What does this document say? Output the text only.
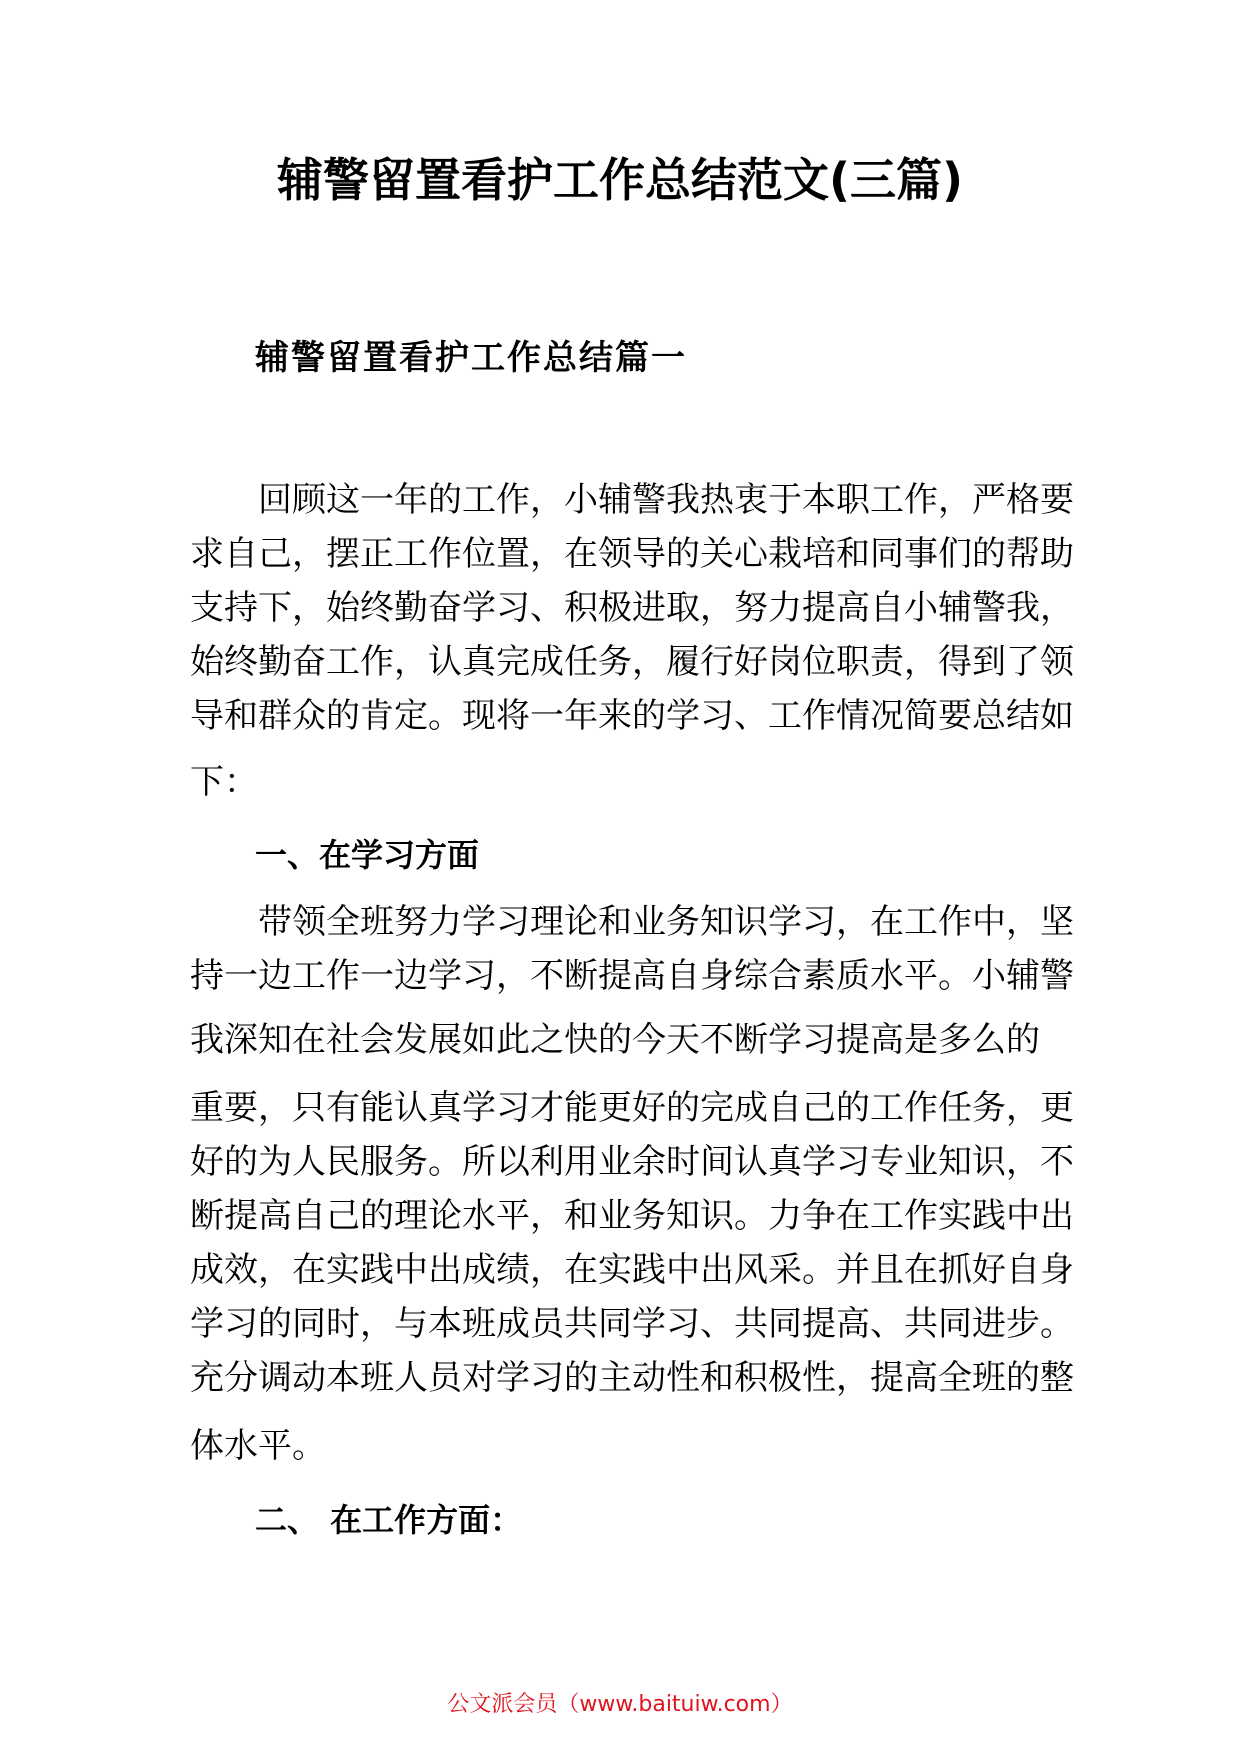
辅警留置看护工作总结范文(三篇)
辅警留置看护工作总结篇一

回顾这一年的工作，小辅警我热衷于本职工作，严格要

求自己，摆正工作位置，在领导的关心栽培和同事们的帮助

支持下，始终勤奋学习、积极进取，努力提高自小辅警我，

始终勤奋工作，认真完成任务，履行好岗位职责，得到了领

导和群众的肯定。现将一年来的学习、工作情况简要总结如

下：

一、在学习方面

带领全班努力学习理论和业务知识学习，在工作中，坚

持一边工作一边学习，不断提高自身综合素质水平。小辅警

我深知在社会发展如此之快的今天不断学习提高是多么的

重要，只有能认真学习才能更好的完成自己的工作任务，更

好的为人民服务。所以利用业余时间认真学习专业知识，不

断提高自己的理论水平，和业务知识。力争在工作实践中出

成效，在实践中出成绩，在实践中出风采。并且在抓好自身

学习的同时，与本班成员共同学习、共同提高、共同进步。

充分调动本班人员对学习的主动性和积极性，提高全班的整

体水平。

二、 在工作方面：

公文派会员（www.baituiw.com）
